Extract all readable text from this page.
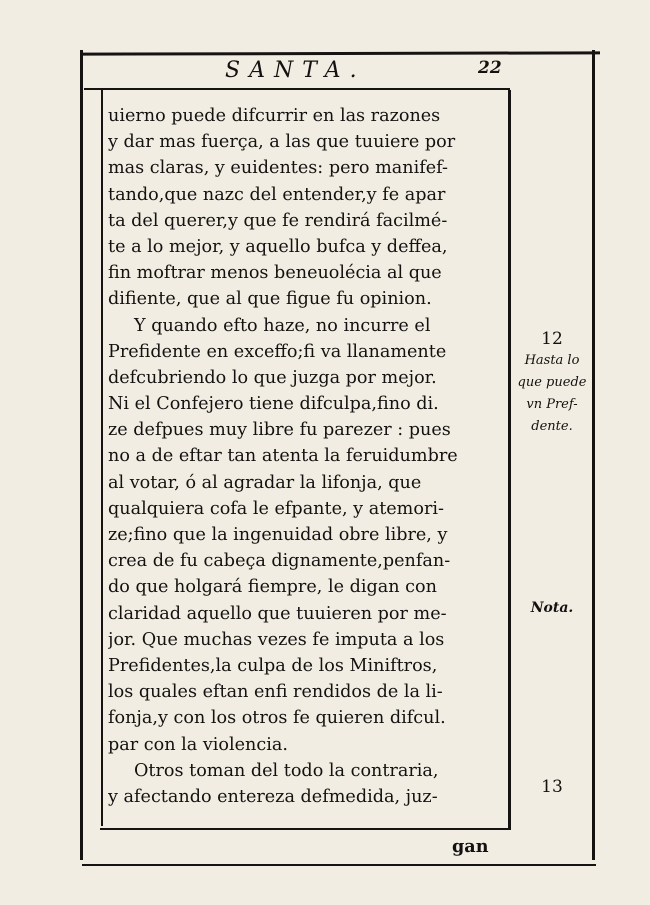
SANTA.	22
uierno puede difcurrir en las razones
y dar mas fuerça, a las que tuuiere por
mas claras, y euidentes: pero manifef-
tando,que nazc del entender,y fe apar
ta del querer,y que fe rendirá facilmé-
te a lo mejor, y aquello bufca y deffea,
fin moftrar menos beneuolécia al que
difiente, que al que figue fu opinion.
Y quando efto haze, no incurre el
Prefidente en exceffo;fi va llanamente
defcubriendo lo que juzga por mejor.
Ni el Confejero tiene difculpa,fino di.
ze defpues muy libre fu parezer : pues
no a de eftar tan atenta la feruidumbre
al votar, ó al agradar la lifonja, que
qualquiera cofa le efpante, y atemori-
ze;fino que la ingenuidad obre libre, y
crea de fu cabeça dignamente,penfan-
do que holgará fiempre, le digan con
claridad aquello que tuuieren por me-
jor. Que muchas vezes fe imputa a los
Prefidentes,la culpa de los Miniftros,
los quales eftan enfi rendidos de la li-
fonja,y con los otros fe quieren difcul.
par con la violencia.
Otros toman del todo la contraria,
y afectando entereza defmedida, juz-
12
Hasta lo
que puede
vn Pref-
dente.
Nota.
13
gan
